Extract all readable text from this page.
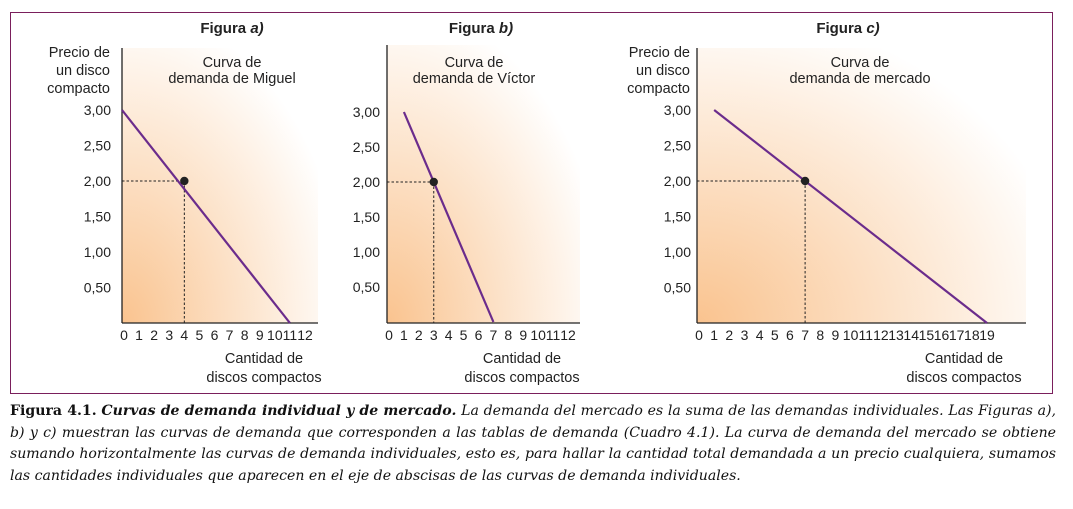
Figura a)
Curva de
demanda de Miguel
Precio de
un disco
compacto
Cantidad de
discos compactos
3,00
2,50
2,00
1,50
1,00
0,50
0 1 2 3 4 5 6 7 8 9 10 11 12
Figura b)
Curva de
demanda de Víctor
Cantidad de
discos compactos
3,00
2,50
2,00
1,50
1,00
0,50
0 1 2 3 4 5 6 7 8 9 10 11 12
Figura c)
Curva de
demanda de mercado
Precio de
un disco
compacto
Cantidad de
discos compactos
3,00
2,50
2,00
1,50
1,00
0,50
0 1 2 3 4 5 6 7 8 9 10 11 12 13 14 15 16 17 18 19
Figura 4.1. Curvas de demanda individual y de mercado. La demanda del mercado es la suma de las demandas individuales. Las Figuras a), b) y c) muestran las curvas de demanda que corresponden a las tablas de demanda (Cuadro 4.1). La curva de demanda del mercado se obtiene sumando horizontalmente las curvas de demanda individuales, esto es, para hallar la cantidad total demandada a un precio cualquiera, sumamos las cantidades individuales que aparecen en el eje de abscisas de las curvas de demanda individuales.
